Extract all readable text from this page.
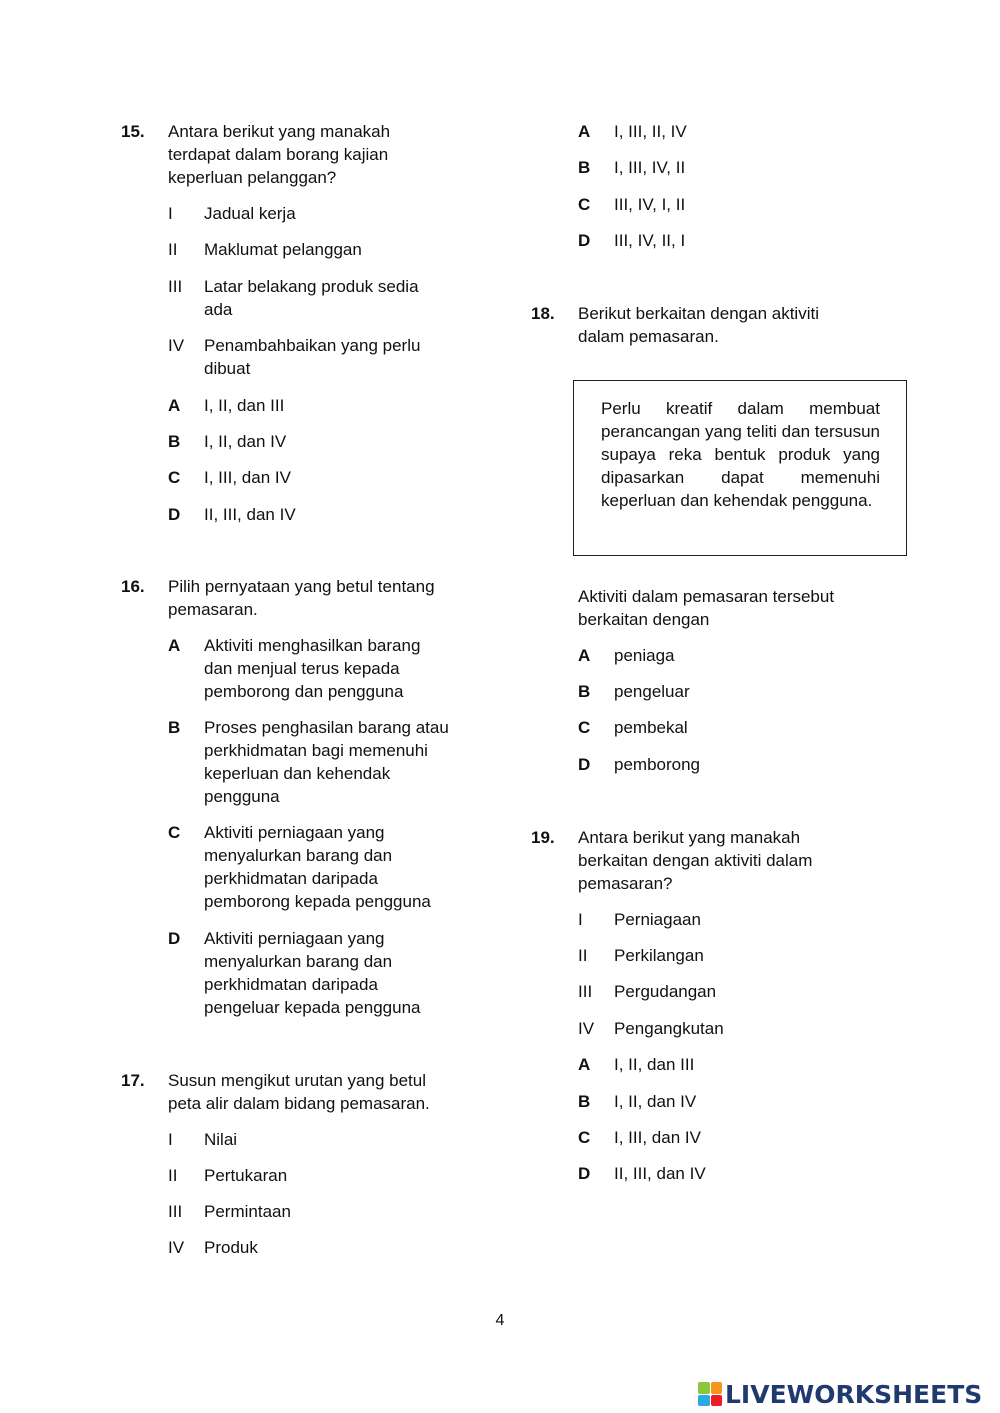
15. Antara berikut yang manakah
terdapat dalam borang kajian
keperluan pelanggan?
I Jadual kerja
II Maklumat pelanggan
III Latar belakang produk sedia
ada
IV Penambahbaikan yang perlu
dibuat
A I, II, dan III
B I, II, dan IV
C I, III, dan IV
D II, III, dan IV
16. Pilih pernyataan yang betul tentang
pemasaran.
A Aktiviti menghasilkan barang
dan menjual terus kepada
pemborong dan pengguna
B Proses penghasilan barang atau
perkhidmatan bagi memenuhi
keperluan dan kehendak
pengguna
C Aktiviti perniagaan yang
menyalurkan barang dan
perkhidmatan daripada
pemborong kepada pengguna
D Aktiviti perniagaan yang
menyalurkan barang dan
perkhidmatan daripada
pengeluar kepada pengguna
17. Susun mengikut urutan yang betul
peta alir dalam bidang pemasaran.
I Nilai
II Pertukaran
III Permintaan
IV Produk
A I, III, II, IV
B I, III, IV, II
C III, IV, I, II
D III, IV, II, I
18. Berikut berkaitan dengan aktiviti
dalam pemasaran.
Perlu kreatif dalam membuat perancangan yang teliti dan tersusun supaya reka bentuk produk yang dipasarkan dapat memenuhi keperluan dan kehendak pengguna.
Aktiviti dalam pemasaran tersebut
berkaitan dengan
A peniaga
B pengeluar
C pembekal
D pemborong
19. Antara berikut yang manakah
berkaitan dengan aktiviti dalam
pemasaran?
I Perniagaan
II Perkilangan
III Pergudangan
IV Pengangkutan
A I, II, dan III
B I, II, dan IV
C I, III, dan IV
D II, III, dan IV
4
LIVEWORKSHEETS
